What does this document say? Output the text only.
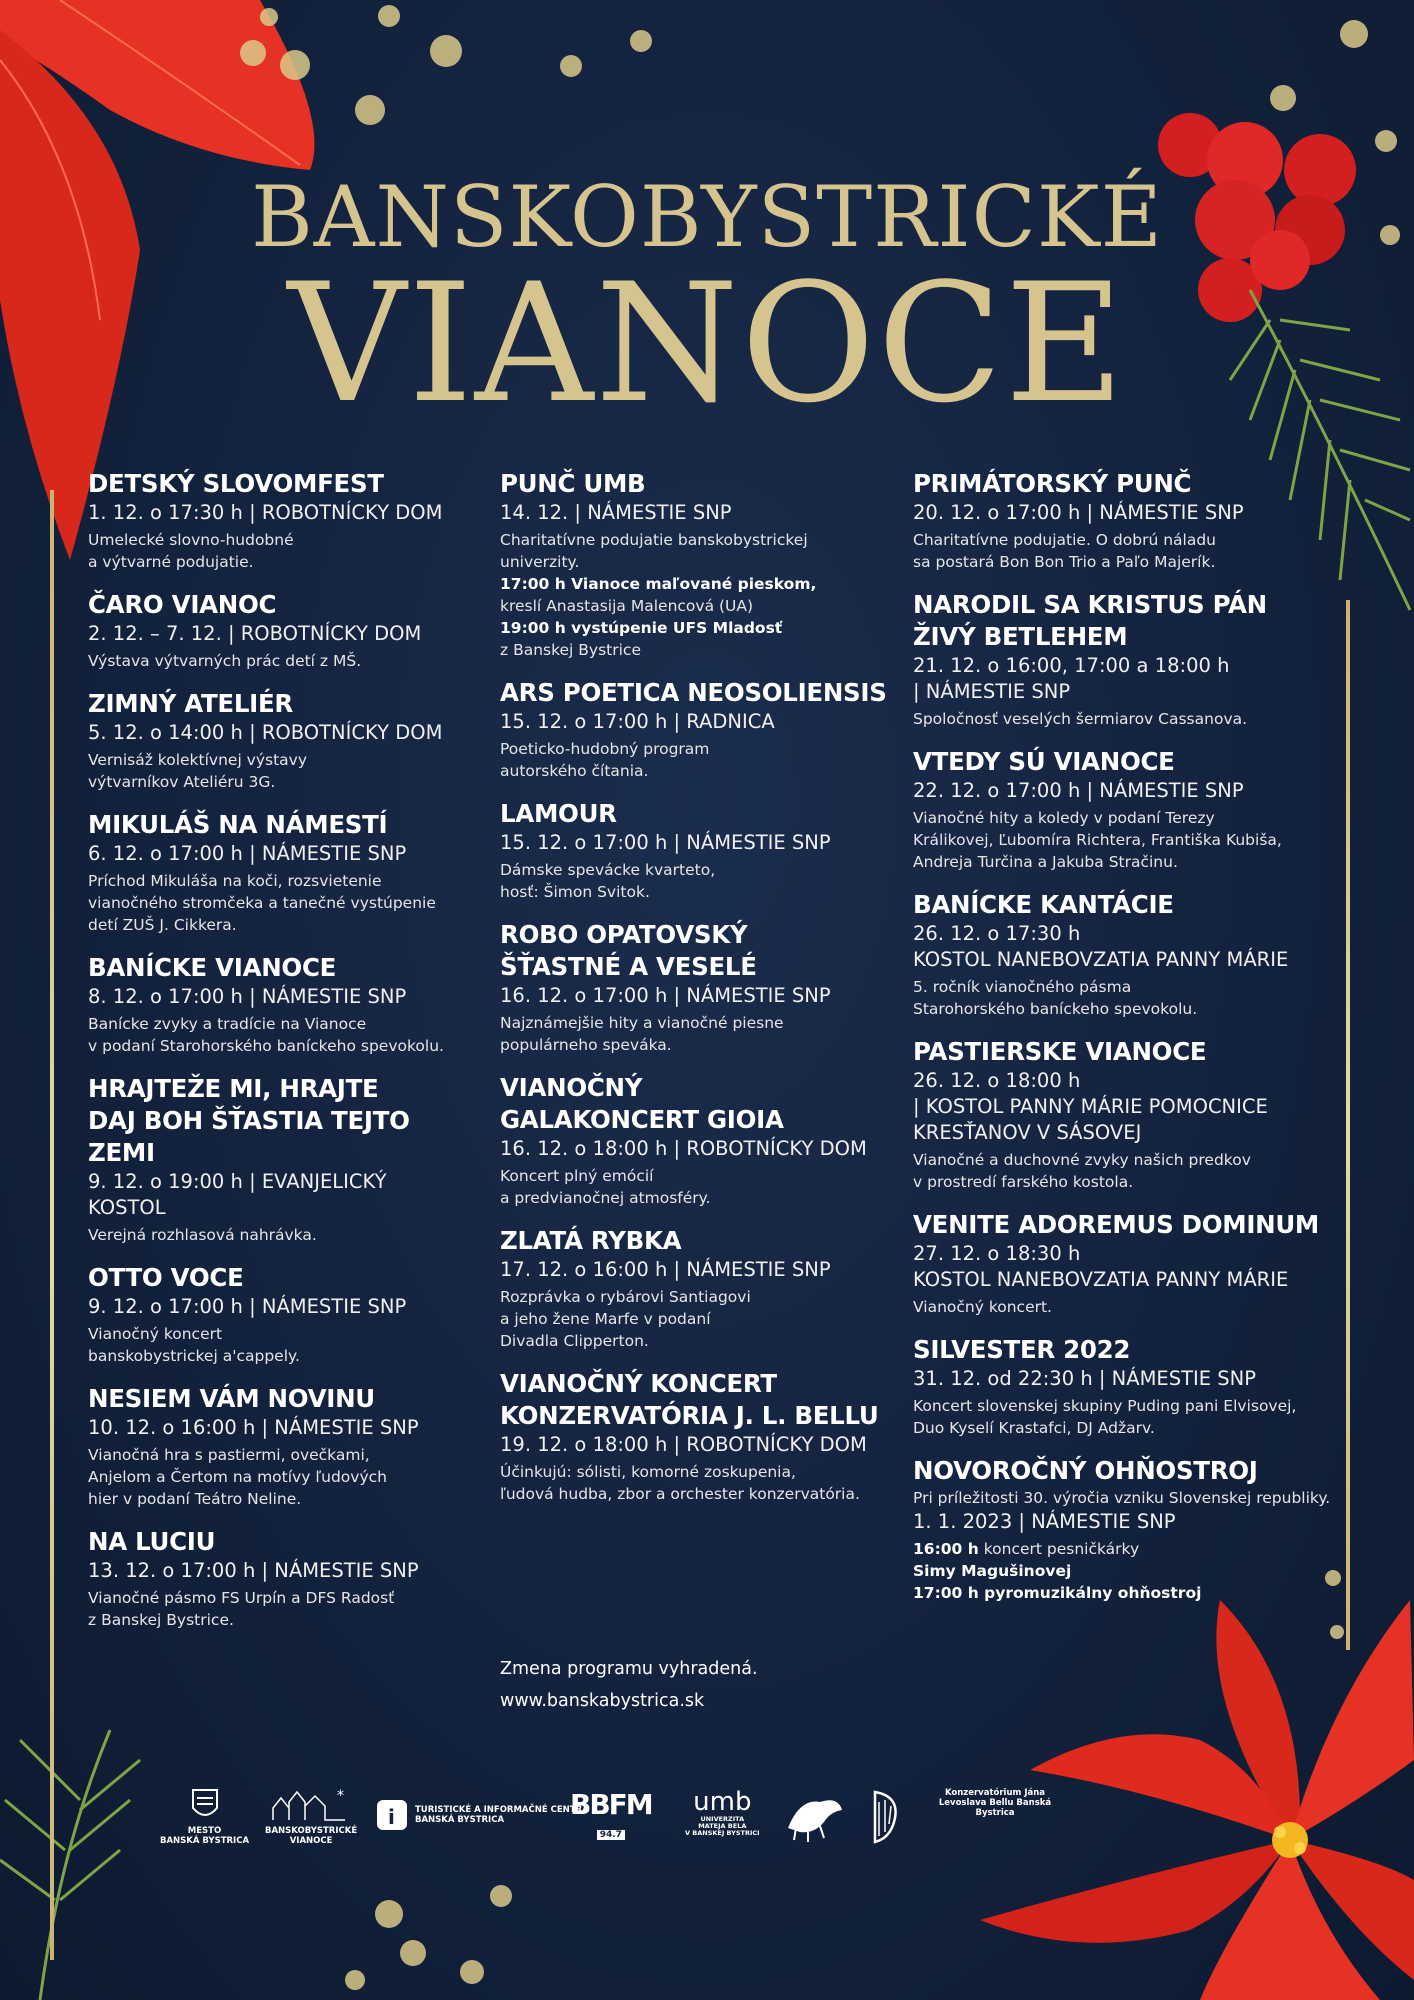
BANSKOBYSTRICKÉ
VIANOCE
DETSKÝ SLOVOMFEST
1. 12. o 17:30 h | ROBOTNÍCKY DOM
Umelecké slovno-hudobné
a výtvarné podujatie.
ČARO VIANOC
2. 12. – 7. 12. | ROBOTNÍCKY DOM
Výstava výtvarných prác detí z MŠ.
ZIMNÝ ATELIÉR
5. 12. o 14:00 h | ROBOTNÍCKY DOM
Vernisáž kolektívnej výstavy
výtvarníkov Ateliéru 3G.
MIKULÁŠ NA NÁMESTÍ
6. 12. o 17:00 h | NÁMESTIE SNP
Príchod Mikuláša na koči, rozsvietenie
vianočného stromčeka a tanečné vystúpenie
detí ZUŠ J. Cikkera.
BANÍCKE VIANOCE
8. 12. o 17:00 h | NÁMESTIE SNP
Banícke zvyky a tradície na Vianoce
v podaní Starohorského baníckeho spevokolu.
HRAJTEŽE MI, HRAJTE
DAJ BOH ŠŤASTIA TEJTO ZEMI
9. 12. o 19:00 h | EVANJELICKÝ KOSTOL
Verejná rozhlasová nahrávka.
OTTO VOCE
9. 12. o 17:00 h | NÁMESTIE SNP
Vianočný koncert
banskobystrickej a'cappely.
NESIEM VÁM NOVINU
10. 12. o 16:00 h | NÁMESTIE SNP
Vianočná hra s pastiermi, ovečkami,
Anjelom a Čertom na motívy ľudových
hier v podaní Teátro Neline.
NA LUCIU
13. 12. o 17:00 h | NÁMESTIE SNP
Vianočné pásmo FS Urpín a DFS Radosť
z Banskej Bystrice.
PUNČ UMB
14. 12. | NÁMESTIE SNP
Charitatívne podujatie banskobystrickej
univerzity.
17:00 h Vianoce maľované pieskom,
kreslí Anastasija Malencová (UA)
19:00 h vystúpenie UFS Mladosť
z Banskej Bystrice
ARS POETICA NEOSOLIENSIS
15. 12. o 17:00 h | RADNICA
Poeticko-hudobný program
autorského čítania.
LAMOUR
15. 12. o 17:00 h | NÁMESTIE SNP
Dámske spevácke kvarteto,
hosť: Šimon Svitok.
ROBO OPATOVSKÝ
ŠŤASTNÉ A VESELÉ
16. 12. o 17:00 h | NÁMESTIE SNP
Najznámejšie hity a vianočné piesne
populárneho speváka.
VIANOČNÝ
GALAKONCERT GIOIA
16. 12. o 18:00 h | ROBOTNÍCKY DOM
Koncert plný emócií
a predvianočnej atmosféry.
ZLATÁ RYBKA
17. 12. o 16:00 h | NÁMESTIE SNP
Rozprávka o rybárovi Santiagovi
a jeho žene Marfe v podaní
Divadla Clipperton.
VIANOČNÝ KONCERT
KONZERVATÓRIA J. L. BELLU
19. 12. o 18:00 h | ROBOTNÍCKY DOM
Účinkujú: sólisti, komorné zoskupenia,
ľudová hudba, zbor a orchester konzervatória.
PRIMÁTORSKÝ PUNČ
20. 12. o 17:00 h | NÁMESTIE SNP
Charitatívne podujatie. O dobrú náladu
sa postará Bon Bon Trio a Paľo Majerík.
NARODIL SA KRISTUS PÁN
ŽIVÝ BETLEHEM
21. 12. o 16:00, 17:00 a 18:00 h
| NÁMESTIE SNP
Spoločnosť veselých šermiarov Cassanova.
VTEDY SÚ VIANOCE
22. 12. o 17:00 h | NÁMESTIE SNP
Vianočné hity a koledy v podaní Terezy
Králikovej, Ľubomíra Richtera, Františka Kubiša,
Andreja Turčina a Jakuba Stračinu.
BANÍCKE KANTÁCIE
26. 12. o 17:30 h
KOSTOL NANEBOVZATIA PANNY MÁRIE
5. ročník vianočného pásma
Starohorského baníckeho spevokolu.
PASTIERSKE VIANOCE
26. 12. o 18:00 h
| KOSTOL PANNY MÁRIE POMOCNICE
KRESŤANOV V SÁSOVEJ
Vianočné a duchovné zvyky našich predkov
v prostredí farského kostola.
VENITE ADOREMUS DOMINUM
27. 12. o 18:30 h
KOSTOL NANEBOVZATIA PANNY MÁRIE
Vianočný koncert.
SILVESTER 2022
31. 12. od 22:30 h | NÁMESTIE SNP
Koncert slovenskej skupiny Puding pani Elvisovej,
Duo Kyselí Krastafci, DJ Adžarv.
NOVOROČNÝ OHŇOSTROJ
Pri príležitosti 30. výročia vzniku Slovenskej republiky.
1. 1. 2023 | NÁMESTIE SNP
16:00 h koncert pesničkárky
Simy Magušinovej
17:00 h pyromuzikálny ohňostroj
Zmena programu vyhradená.
www.banskabystrica.sk
MESTO
BANSKÁ BYSTRICA
*
BANSKOBYSTRICKÉ
VIANOCE
i TURISTICKÉ A INFORMAČNÉ CENTRÁ
BANSKÁ BYSTRICA	BBFM
94.7
umb
UNIVERZITA
MATEJA BELA
V BANSKEJ BYSTRICI
Konzervatórium Jána Levoslava Bellu Banská Bystrica
